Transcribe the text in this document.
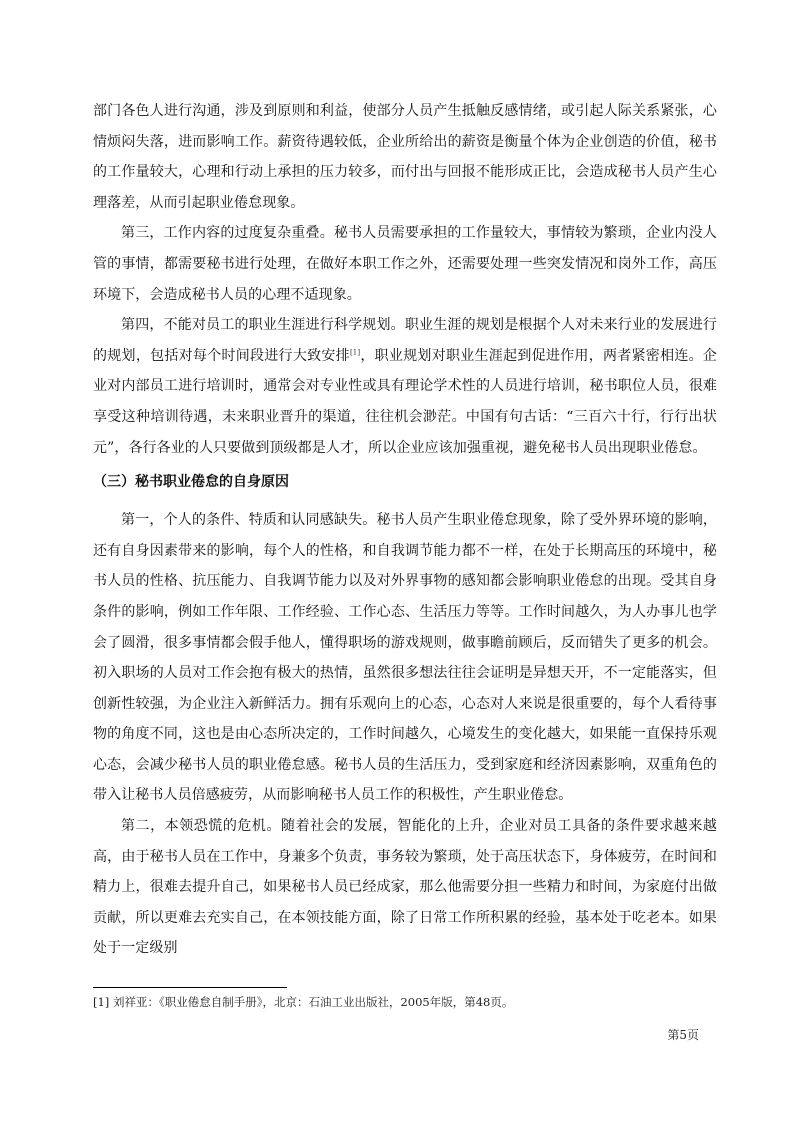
部门各色人进行沟通，涉及到原则和利益，使部分人员产生抵触反感情绪，或引起人际关系紧张，心情烦闷失落，进而影响工作。薪资待遇较低，企业所给出的薪资是衡量个体为企业创造的价值，秘书的工作量较大，心理和行动上承担的压力较多，而付出与回报不能形成正比，会造成秘书人员产生心理落差，从而引起职业倦怠现象。

第三，工作内容的过度复杂重叠。秘书人员需要承担的工作量较大，事情较为繁琐，企业内没人管的事情，都需要秘书进行处理，在做好本职工作之外，还需要处理一些突发情况和岗外工作，高压环境下，会造成秘书人员的心理不适现象。

第四，不能对员工的职业生涯进行科学规划。职业生涯的规划是根据个人对未来行业的发展进行的规划，包括对每个时间段进行大致安排[1]，职业规划对职业生涯起到促进作用，两者紧密相连。企业对内部员工进行培训时，通常会对专业性或具有理论学术性的人员进行培训，秘书职位人员，很难享受这种培训待遇，未来职业晋升的渠道，往往机会渺茫。中国有句古话：“三百六十行，行行出状元”，各行各业的人只要做到顶级都是人才，所以企业应该加强重视，避免秘书人员出现职业倦怠。

（三）秘书职业倦怠的自身原因

第一，个人的条件、特质和认同感缺失。秘书人员产生职业倦怠现象，除了受外界环境的影响，还有自身因素带来的影响，每个人的性格，和自我调节能力都不一样，在处于长期高压的环境中，秘书人员的性格、抗压能力、自我调节能力以及对外界事物的感知都会影响职业倦怠的出现。受其自身条件的影响，例如工作年限、工作经验、工作心态、生活压力等等。工作时间越久，为人办事儿也学会了圆滑，很多事情都会假手他人，懂得职场的游戏规则，做事瞻前顾后，反而错失了更多的机会。初入职场的人员对工作会抱有极大的热情，虽然很多想法往往会证明是异想天开，不一定能落实，但创新性较强，为企业注入新鲜活力。拥有乐观向上的心态，心态对人来说是很重要的，每个人看待事物的角度不同，这也是由心态所决定的，工作时间越久，心境发生的变化越大，如果能一直保持乐观心态，会减少秘书人员的职业倦怠感。秘书人员的生活压力，受到家庭和经济因素影响，双重角色的带入让秘书人员倍感疲劳，从而影响秘书人员工作的积极性，产生职业倦怠。

第二，本领恐慌的危机。随着社会的发展，智能化的上升，企业对员工具备的条件要求越来越高，由于秘书人员在工作中，身兼多个负责，事务较为繁琐，处于高压状态下，身体疲劳，在时间和精力上，很难去提升自己，如果秘书人员已经成家，那么他需要分担一些精力和时间，为家庭付出做贡献，所以更难去充实自己，在本领技能方面，除了日常工作所积累的经验，基本处于吃老本。如果处于一定级别

[1] 刘祥亚：《职业倦怠自制手册》，北京：石油工业出版社，2005年版，第48页。
第5页
